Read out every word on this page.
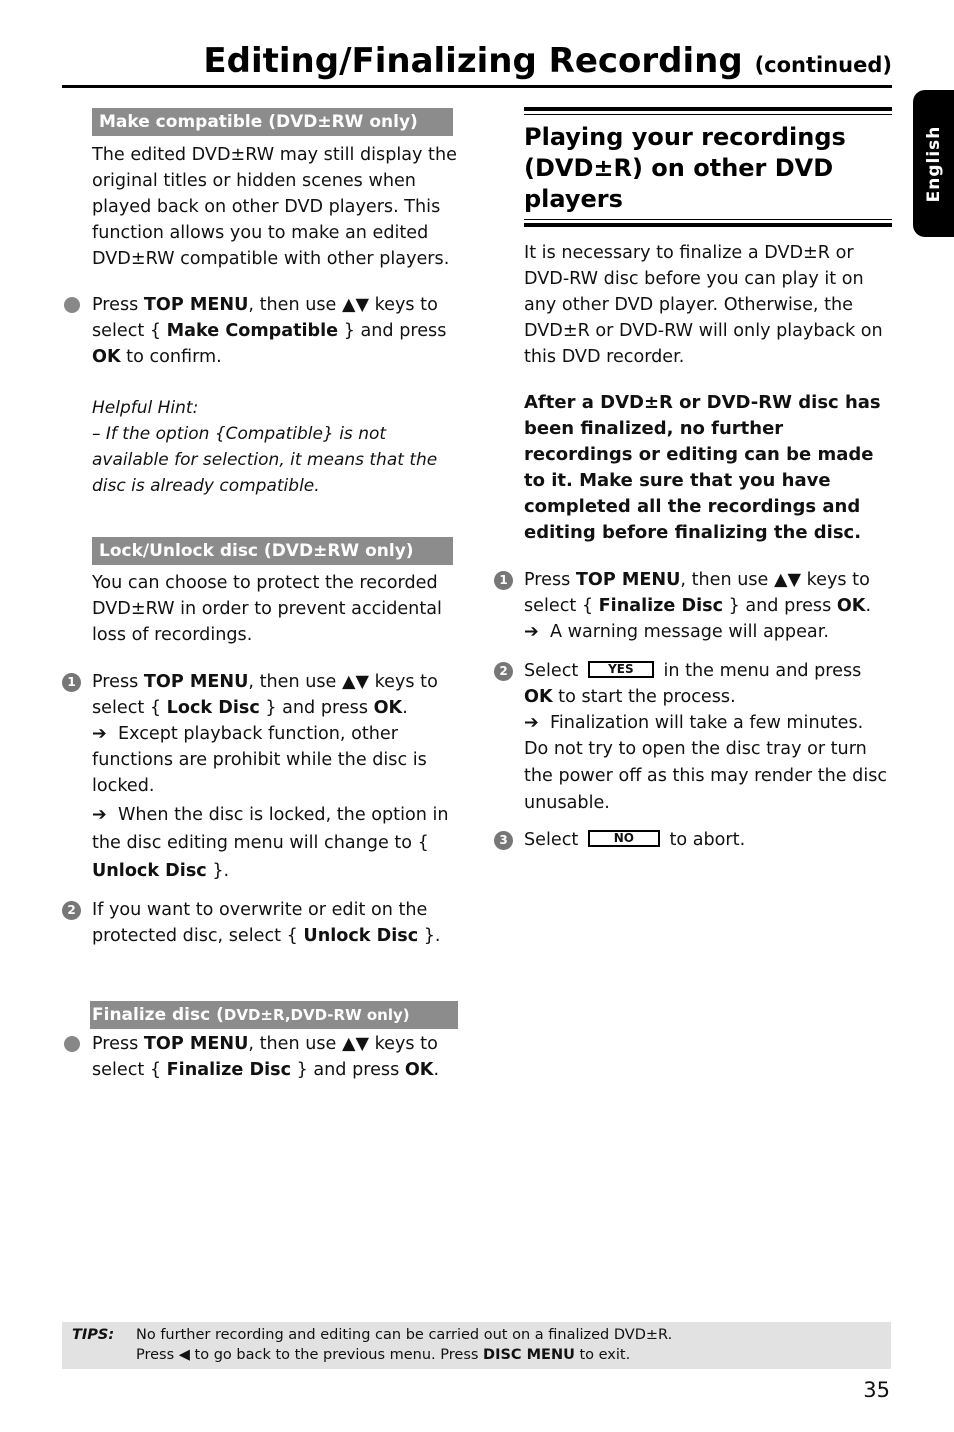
Editing/Finalizing Recording (continued)
English
Make compatible (DVD±RW only)

The edited DVD±RW may still display the original titles or hidden scenes when played back on other DVD players. This function allows you to make an edited DVD±RW compatible with other players.

Press TOP MENU, then use ▲▼ keys to select { Make Compatible } and press OK to confirm.
Helpful Hint:
– If the option {Compatible} is not available for selection, it means that the disc is already compatible.
Lock/Unlock disc (DVD±RW only)

You can choose to protect the recorded DVD±RW in order to prevent accidental loss of recordings.

1 Press TOP MENU, then use ▲▼ keys to select { Lock Disc } and press OK.
➔ Except playback function, other functions are prohibit while the disc is locked.
➔ When the disc is locked, the option in the disc editing menu will change to { Unlock Disc }.
2 If you want to overwrite or edit on the protected disc, select { Unlock Disc }.
Finalize disc (DVD±R,DVD-RW only)
Press TOP MENU, then use ▲▼ keys to select { Finalize Disc } and press OK.
Playing your recordings (DVD±R) on other DVD players

It is necessary to finalize a DVD±R or DVD-RW disc before you can play it on any other DVD player. Otherwise, the DVD±R or DVD-RW will only playback on this DVD recorder.

After a DVD±R or DVD-RW disc has been finalized, no further recordings or editing can be made to it. Make sure that you have completed all the recordings and editing before finalizing the disc.

1 Press TOP MENU, then use ▲▼ keys to select { Finalize Disc } and press OK.
➔ A warning message will appear.
2 Select YES in the menu and press OK to start the process.
➔ Finalization will take a few minutes.
Do not try to open the disc tray or turn the power off as this may render the disc unusable.
3 Select NO to abort.
TIPS: No further recording and editing can be carried out on a finalized DVD±R.
Press ◀ to go back to the previous menu. Press DISC MENU to exit.
35
